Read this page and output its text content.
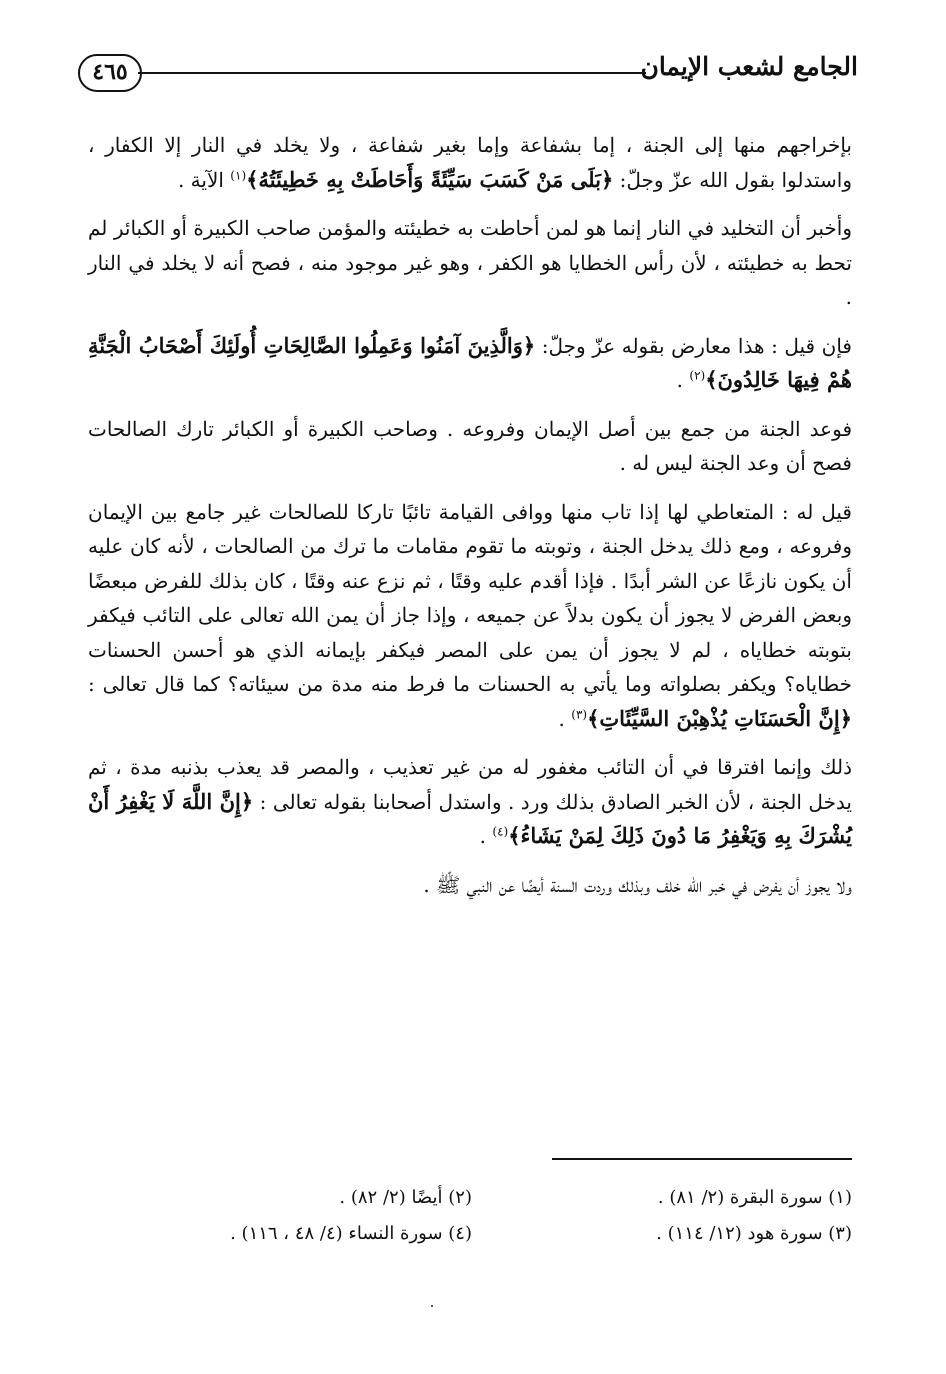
٤٦٥	الجامع لشعب الإيمان

بإخراجهم منها إلى الجنة ، إما بشفاعة وإما بغير شفاعة ، ولا يخلد في النار إلا الكفار ، واستدلوا بقول الله عزّ وجلّ: ﴿بَلَى مَنْ كَسَبَ سَيِّئَةً وَأَحَاطَتْ بِهِ خَطِيئَتُهُ﴾$^{(١)}$ الآية .

وأخبر أن التخليد في النار إنما هو لمن أحاطت به خطيئته والمؤمن صاحب الكبيرة أو الكبائر لم تحط به خطيئته ، لأن رأس الخطايا هو الكفر ، وهو غير موجود منه ، فصح أنه لا يخلد في النار .

فإن قيل : هذا معارض بقوله عزّ وجلّ: ﴿وَالَّذِينَ آمَنُوا وَعَمِلُوا الصَّالِحَاتِ أُولَئِكَ أَصْحَابُ الْجَنَّةِ هُمْ فِيهَا خَالِدُونَ﴾$^{(٢)}$ .

فوعد الجنة من جمع بين أصل الإيمان وفروعه . وصاحب الكبيرة أو الكبائر تارك الصالحات فصح أن وعد الجنة ليس له .

قيل له : المتعاطي لها إذا تاب منها ووافى القيامة تائبًا تاركا للصالحات غير جامع بين الإيمان وفروعه ، ومع ذلك يدخل الجنة ، وتوبته ما تقوم مقامات ما ترك من الصالحات ، لأنه كان عليه أن يكون نازعًا عن الشر أبدًا . فإذا أقدم عليه وقتًا ، ثم نزع عنه وقتًا ، كان بذلك للفرض مبعضًا وبعض الفرض لا يجوز أن يكون بدلاً عن جميعه ، وإذا جاز أن يمن الله تعالى على التائب فيكفر بتوبته خطاياه ، لم لا يجوز أن يمن على المصر فيكفر بإيمانه الذي هو أحسن الحسنات خطاياه؟ ويكفر بصلواته وما يأتي به الحسنات ما فرط منه مدة من سيئاته؟ كما قال تعالى : ﴿إِنَّ الْحَسَنَاتِ يُذْهِبْنَ السَّيِّئَاتِ﴾$^{(٣)}$ .

ذلك وإنما افترقا في أن التائب مغفور له من غير تعذيب ، والمصر قد يعذب بذنبه مدة ، ثم يدخل الجنة ، لأن الخبر الصادق بذلك ورد . واستدل أصحابنا بقوله تعالى : ﴿إِنَّ اللَّهَ لَا يَغْفِرُ أَنْ يُشْرَكَ بِهِ وَيَغْفِرُ مَا دُونَ ذَلِكَ لِمَنْ يَشَاءُ﴾$^{(٤)}$ .

ولا يجوز أن يفرض في خبر الله خلف وبذلك وردت السنة أيضًا عن النبي ﷺ .

(١) سورة البقرة (٢/ ٨١) .
(٢) أيضًا (٢/ ٨٢) .
(٣) سورة هود (١٢/ ١١٤) .
(٤) سورة النساء (٤/ ٤٨ ، ١١٦) .
